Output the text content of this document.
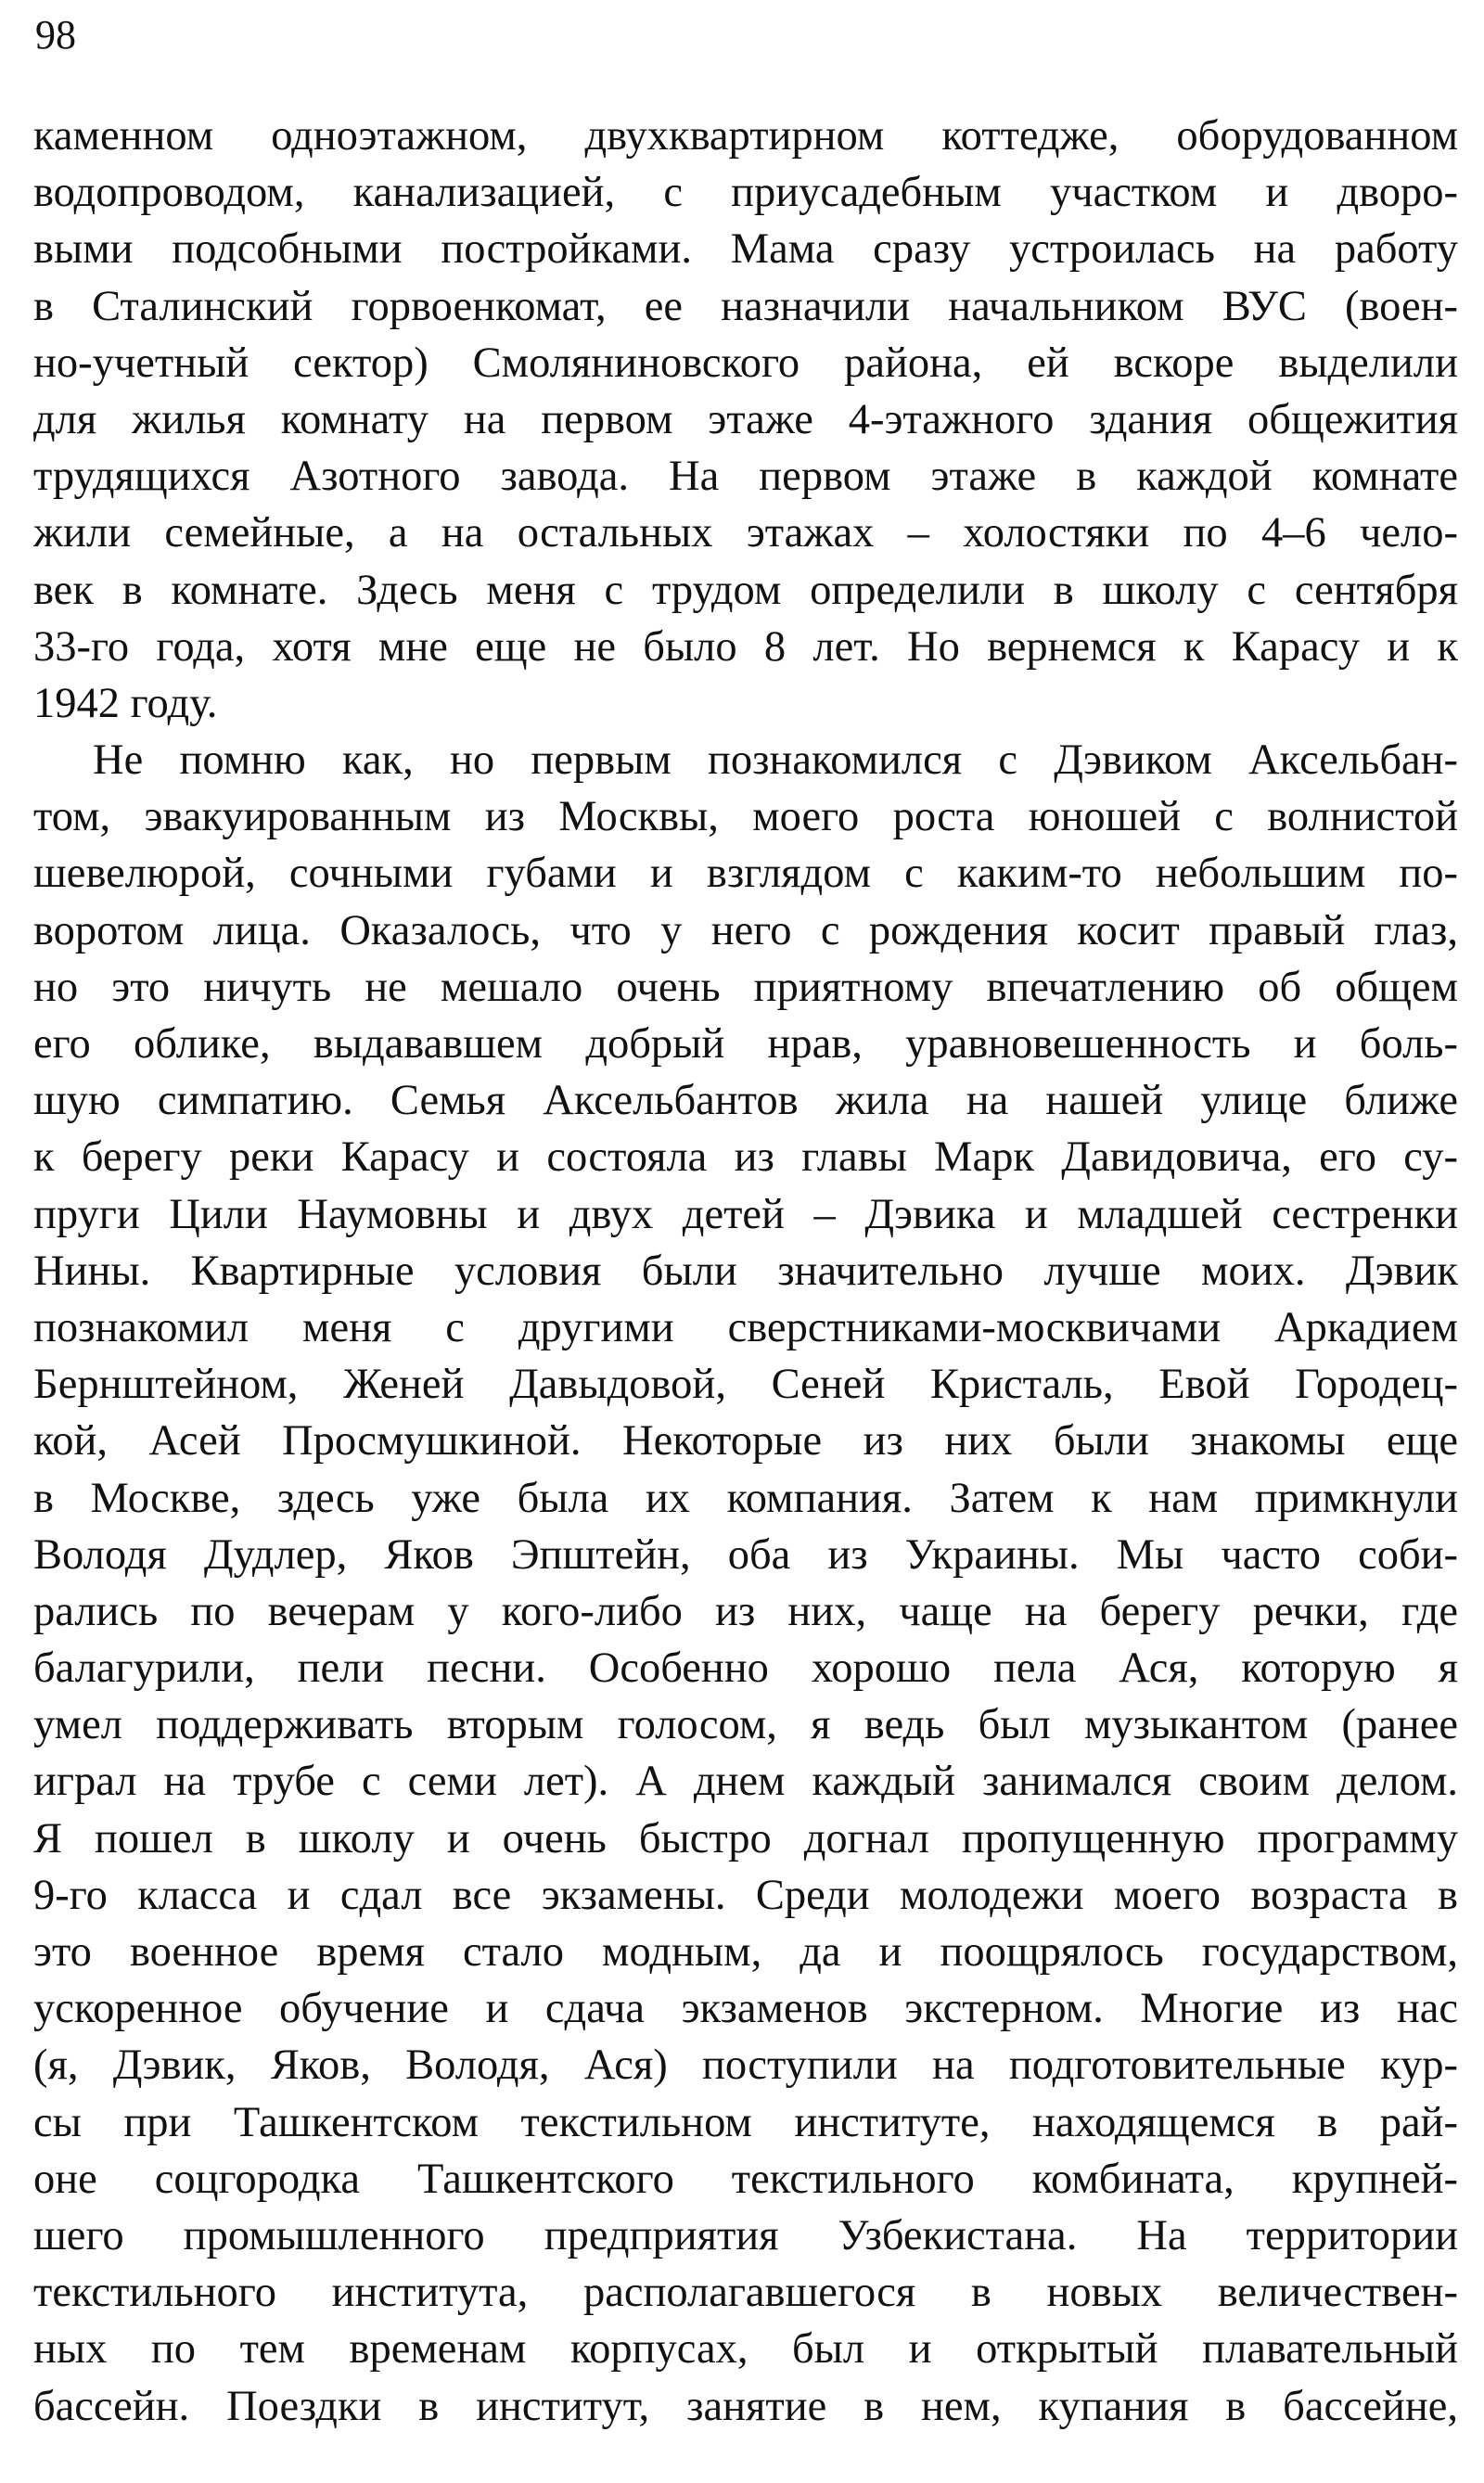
98
каменном одноэтажном, двухквартирном коттедже, оборудованном
водопроводом, канализацией, с приусадебным участком и дворо-
выми подсобными постройками. Мама сразу устроилась на работу
в Сталинский горвоенкомат, ее назначили начальником ВУС (воен-
но-учетный сектор) Смоляниновского района, ей вскоре выделили
для жилья комнату на первом этаже 4-этажного здания общежития
трудящихся Азотного завода. На первом этаже в каждой комнате
жили семейные, а на остальных этажах – холостяки по 4–6 чело-
век в комнате. Здесь меня с трудом определили в школу с сентября
33-го года, хотя мне еще не было 8 лет. Но вернемся к Карасу и к
1942 году.
Не помню как, но первым познакомился с Дэвиком Аксельбан-
том, эвакуированным из Москвы, моего роста юношей с волнистой
шевелюрой, сочными губами и взглядом с каким-то небольшим по-
воротом лица. Оказалось, что у него с рождения косит правый глаз,
но это ничуть не мешало очень приятному впечатлению об общем
его облике, выдававшем добрый нрав, уравновешенность и боль-
шую симпатию. Семья Аксельбантов жила на нашей улице ближе
к берегу реки Карасу и состояла из главы Марк Давидовича, его су-
пруги Цили Наумовны и двух детей – Дэвика и младшей сестренки
Нины. Квартирные условия были значительно лучше моих. Дэвик
познакомил меня с другими сверстниками-москвичами Аркадием
Бернштейном, Женей Давыдовой, Сеней Кристаль, Евой Городец-
кой, Асей Просмушкиной. Некоторые из них были знакомы еще
в Москве, здесь уже была их компания. Затем к нам примкнули
Володя Дудлер, Яков Эпштейн, оба из Украины. Мы часто соби-
рались по вечерам у кого-либо из них, чаще на берегу речки, где
балагурили, пели песни. Особенно хорошо пела Ася, которую я
умел поддерживать вторым голосом, я ведь был музыкантом (ранее
играл на трубе с семи лет). А днем каждый занимался своим делом.
Я пошел в школу и очень быстро догнал пропущенную программу
9-го класса и сдал все экзамены. Среди молодежи моего возраста в
это военное время стало модным, да и поощрялось государством,
ускоренное обучение и сдача экзаменов экстерном. Многие из нас
(я, Дэвик, Яков, Володя, Ася) поступили на подготовительные кур-
сы при Ташкентском текстильном институте, находящемся в рай-
оне соцгородка Ташкентского текстильного комбината, крупней-
шего промышленного предприятия Узбекистана. На территории
текстильного института, располагавшегося в новых величествен-
ных по тем временам корпусах, был и открытый плавательный
бассейн. Поездки в институт, занятие в нем, купания в бассейне,
